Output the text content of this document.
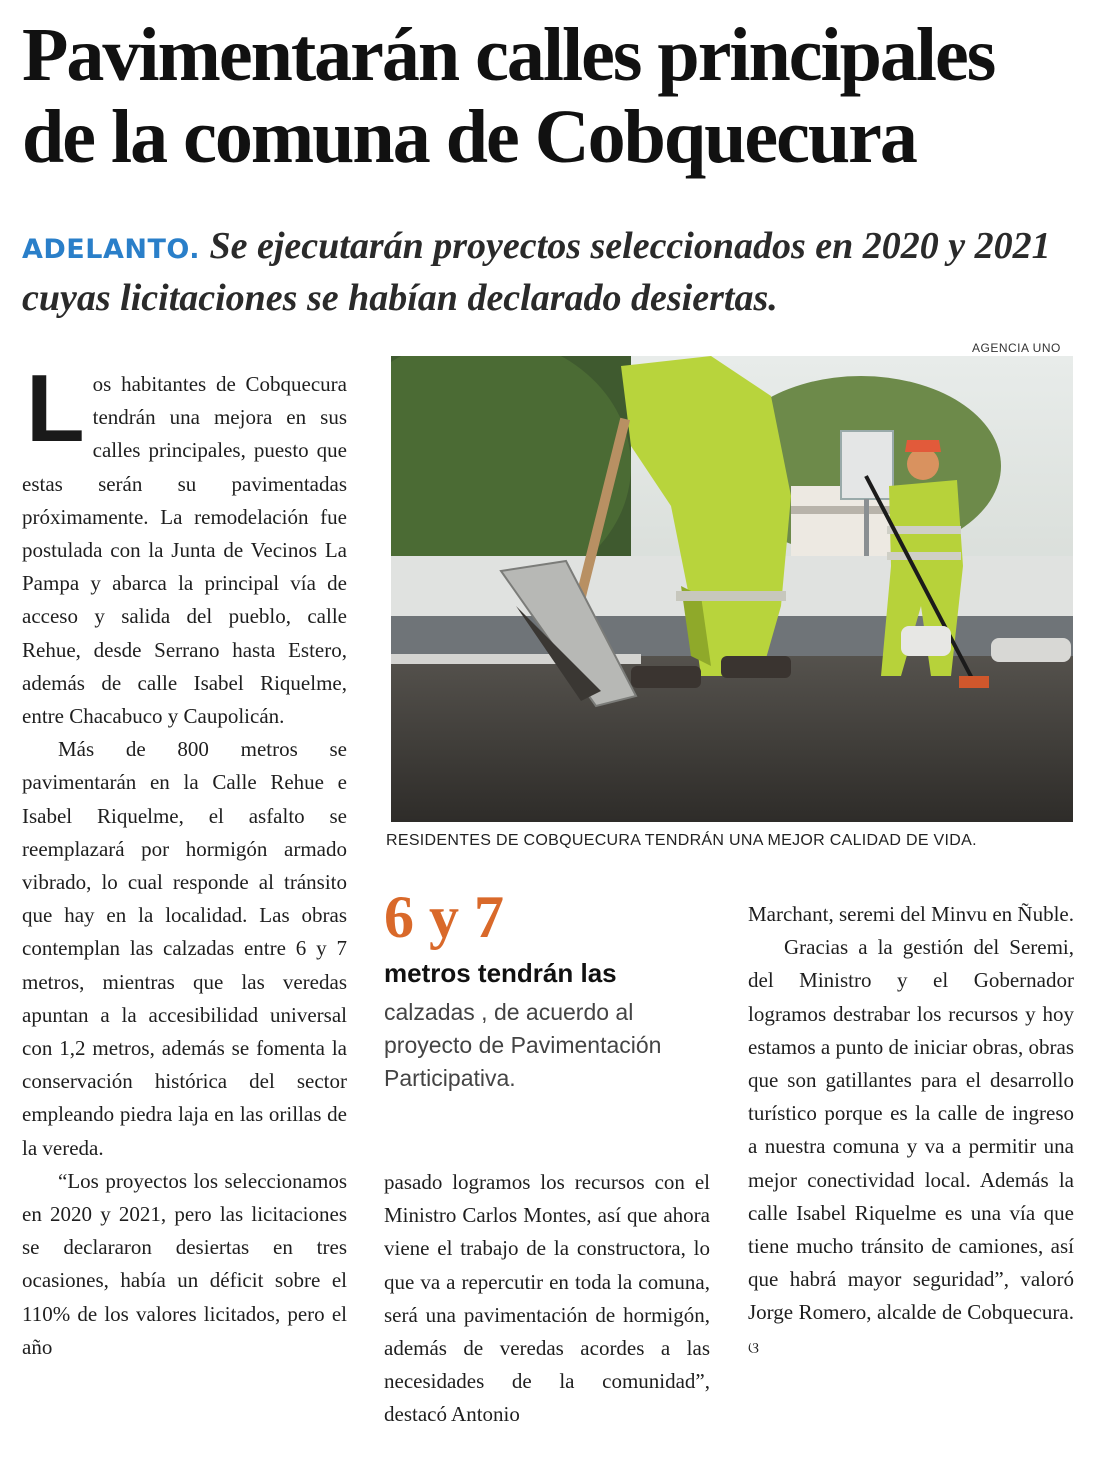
Pavimentarán calles principales de la comuna de Cobquecura

ADELANTO. Se ejecutarán proyectos seleccionados en 2020 y 2021 cuyas licitaciones se habían declarado desiertas.

AGENCIA UNO
RESIDENTES DE COBQUECURA TENDRÁN UNA MEJOR CALIDAD DE VIDA.
L os habitantes de Cobquecura tendrán una mejora en sus calles principales, puesto que estas serán su pavimentadas próximamente. La remodelación fue postulada con la Junta de Vecinos La Pampa y abarca la principal vía de acceso y salida del pueblo, calle Rehue, desde Serrano hasta Estero, además de calle Isabel Riquelme, entre Chacabuco y Caupolicán.

Más de 800 metros se pavimentarán en la Calle Rehue e Isabel Riquelme, el asfalto se reemplazará por hormigón armado vibrado, lo cual responde al tránsito que hay en la localidad. Las obras contemplan las calzadas entre 6 y 7 metros, mientras que las veredas apuntan a la accesibilidad universal con 1,2 metros, además se fomenta la conservación histórica del sector empleando piedra laja en las orillas de la vereda.

“Los proyectos los seleccionamos en 2020 y 2021, pero las licitaciones se declararon desiertas en tres ocasiones, había un déficit sobre el 110% de los valores licitados, pero el año

6 y 7
metros tendrán las
calzadas , de acuerdo al proyecto de Pavimentación Participativa.

pasado logramos los recursos con el Ministro Carlos Montes, así que ahora viene el trabajo de la constructora, lo que va a repercutir en toda la comuna, será una pavimentación de hormigón, además de veredas acordes a las necesidades de la comunidad”, destacó Antonio

Marchant, seremi del Minvu en Ñuble.

Gracias a la gestión del Seremi, del Ministro y el Gobernador logramos destrabar los recursos y hoy estamos a punto de iniciar obras, obras que son gatillantes para el desarrollo turístico porque es la calle de ingreso a nuestra comuna y va a permitir una mejor conectividad local. Además la calle Isabel Riquelme es una vía que tiene mucho tránsito de camiones, así que habrá mayor seguridad”, valoró Jorge Romero, alcalde de Cobquecura. ଓ
